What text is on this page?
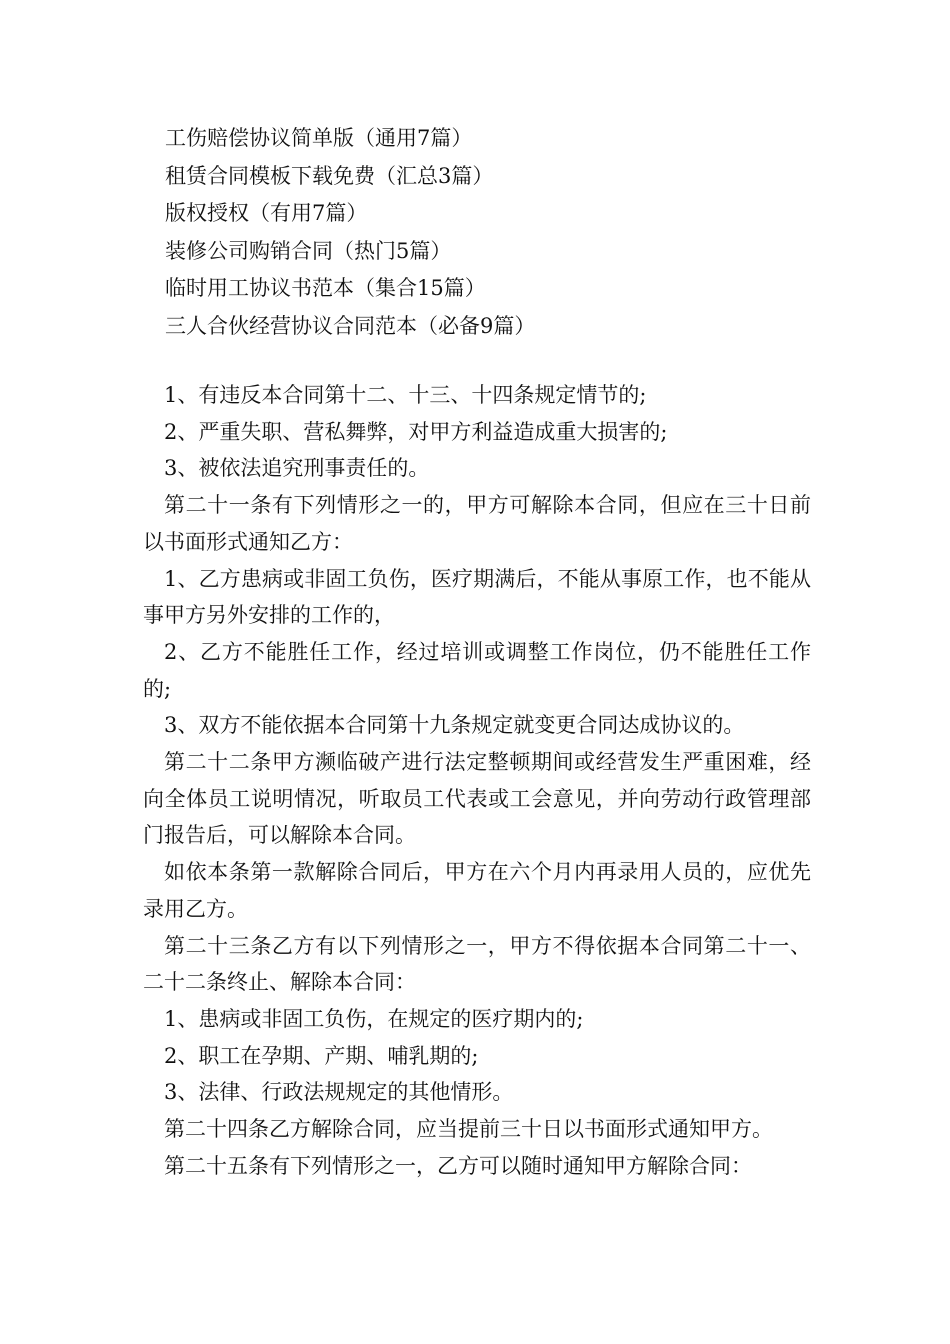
工伤赔偿协议简单版（通用7篇）
租赁合同模板下载免费（汇总3篇）
版权授权（有用7篇）
装修公司购销合同（热门5篇）
临时用工协议书范本（集合15篇）
三人合伙经营协议合同范本（必备9篇）

1、有违反本合同第十二、十三、十四条规定情节的;

2、严重失职、营私舞弊，对甲方利益造成重大损害的;

3、被依法追究刑事责任的。

第二十一条有下列情形之一的，甲方可解除本合同，但应在三十日前以书面形式通知乙方：

1、乙方患病或非固工负伤，医疗期满后，不能从事原工作，也不能从事甲方另外安排的工作的，

2、乙方不能胜任工作，经过培训或调整工作岗位，仍不能胜任工作的;

3、双方不能依据本合同第十九条规定就变更合同达成协议的。

第二十二条甲方濒临破产进行法定整顿期间或经营发生严重困难，经向全体员工说明情况，听取员工代表或工会意见，并向劳动行政管理部门报告后，可以解除本合同。

如依本条第一款解除合同后，甲方在六个月内再录用人员的，应优先录用乙方。

第二十三条乙方有以下列情形之一，甲方不得依据本合同第二十一、二十二条终止、解除本合同：

1、患病或非固工负伤，在规定的医疗期内的;

2、职工在孕期、产期、哺乳期的;

3、法律、行政法规规定的其他情形。

第二十四条乙方解除合同，应当提前三十日以书面形式通知甲方。

第二十五条有下列情形之一，乙方可以随时通知甲方解除合同：
